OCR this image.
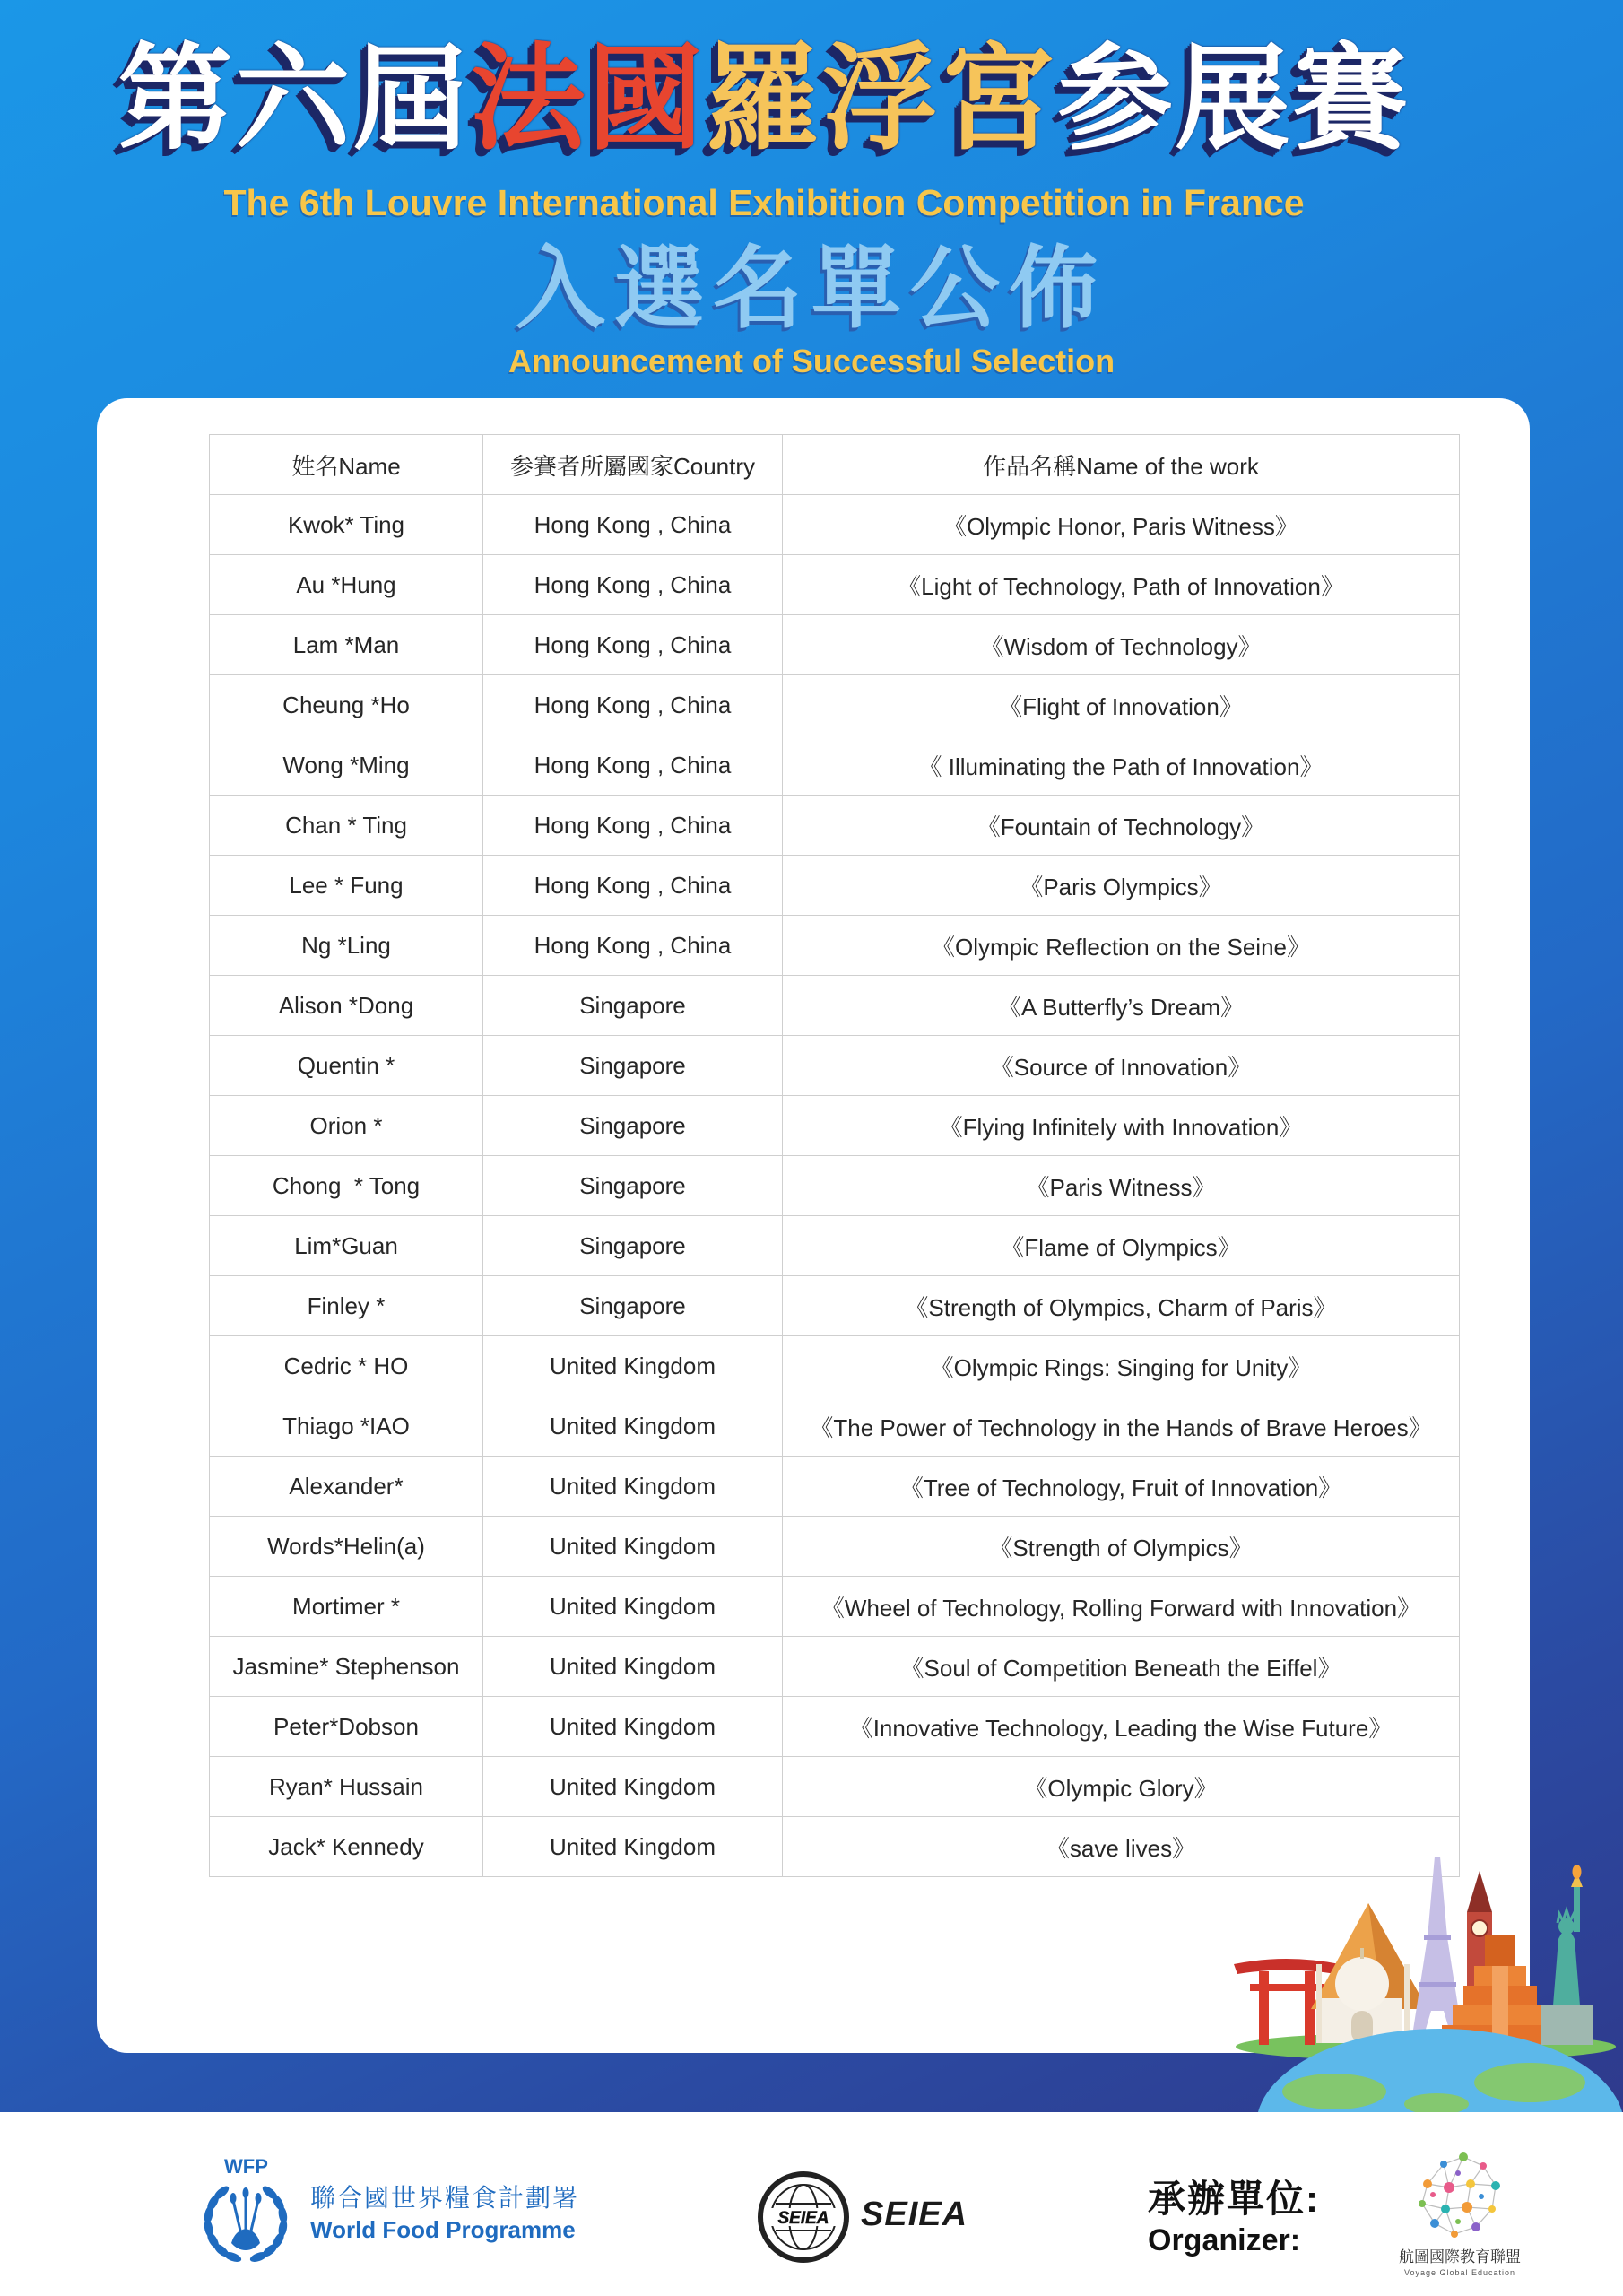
第六屆法國羅浮宮参展賽
The 6th Louvre International Exhibition Competition in France
入選名單公佈
Announcement of Successful Selection
姓名Name	参賽者所屬國家Country	作品名稱Name of the work
Kwok* Ting	Hong Kong , China	《Olympic Honor, Paris Witness》
Au *Hung	Hong Kong , China	《Light of Technology, Path of Innovation》
Lam *Man	Hong Kong , China	《Wisdom of Technology》
Cheung *Ho	Hong Kong , China	《Flight of Innovation》
Wong *Ming	Hong Kong , China	《 Illuminating the Path of Innovation》
Chan * Ting	Hong Kong , China	《Fountain of Technology》
Lee * Fung	Hong Kong , China	《Paris Olympics》
Ng *Ling	Hong Kong , China	《Olympic Reflection on the Seine》
Alison *Dong	Singapore	《A Butterfly’s Dream》
Quentin *	Singapore	《Source of Innovation》
Orion *	Singapore	《Flying Infinitely with Innovation》
Chong  * Tong	Singapore	《Paris Witness》
Lim*Guan	Singapore	《Flame of Olympics》
Finley *	Singapore	《Strength of Olympics, Charm of Paris》
Cedric * HO	United Kingdom	《Olympic Rings: Singing for Unity》
Thiago *IAO	United Kingdom	《The Power of Technology in the Hands of Brave Heroes》
Alexander*	United Kingdom	《Tree of Technology, Fruit of Innovation》
Words*Helin(a)	United Kingdom	《Strength of Olympics》
Mortimer *	United Kingdom	《Wheel of Technology, Rolling Forward with Innovation》
Jasmine* Stephenson	United Kingdom	《Soul of Competition Beneath the Eiffel》
Peter*Dobson	United Kingdom	《Innovative Technology, Leading the Wise Future》
Ryan* Hussain	United Kingdom	《Olympic Glory》
Jack* Kennedy	United Kingdom	《save lives》
WFP
聯合國世界糧食計劃署
World Food Programme	SEIEA SEIEA	承辦單位:
Organizer:	航圖國際教育聯盟
Voyage Global Education
